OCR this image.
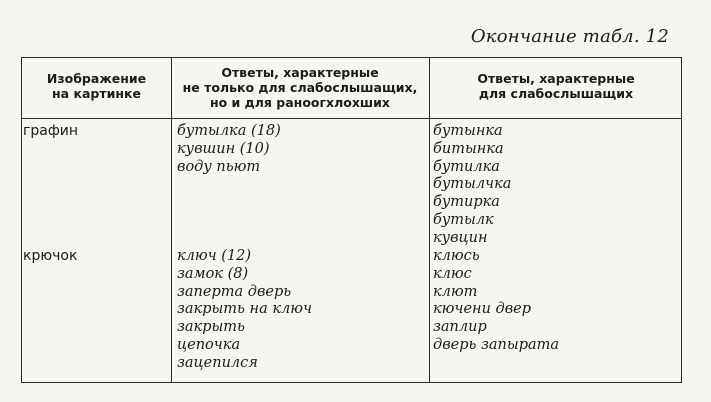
Окончание табл. 12
Изображение
на картинке
Ответы, характерные
не только для слабослышащих,
но и для раноогхлохших
Ответы, характерные
для слабослышащих
графин	бутылка (18)
кувшин (10)
воду пьют
бутынка
битынка
бутилка
бутылчка
бутирка
бутылк
кувцин
крючок	ключ (12)
замок (8)
заперта дверь
закрыть на ключ
закрыть
цепочка
зацепился
клюсь
клюс
клют
кючени двер
заплир
дверь запырата
